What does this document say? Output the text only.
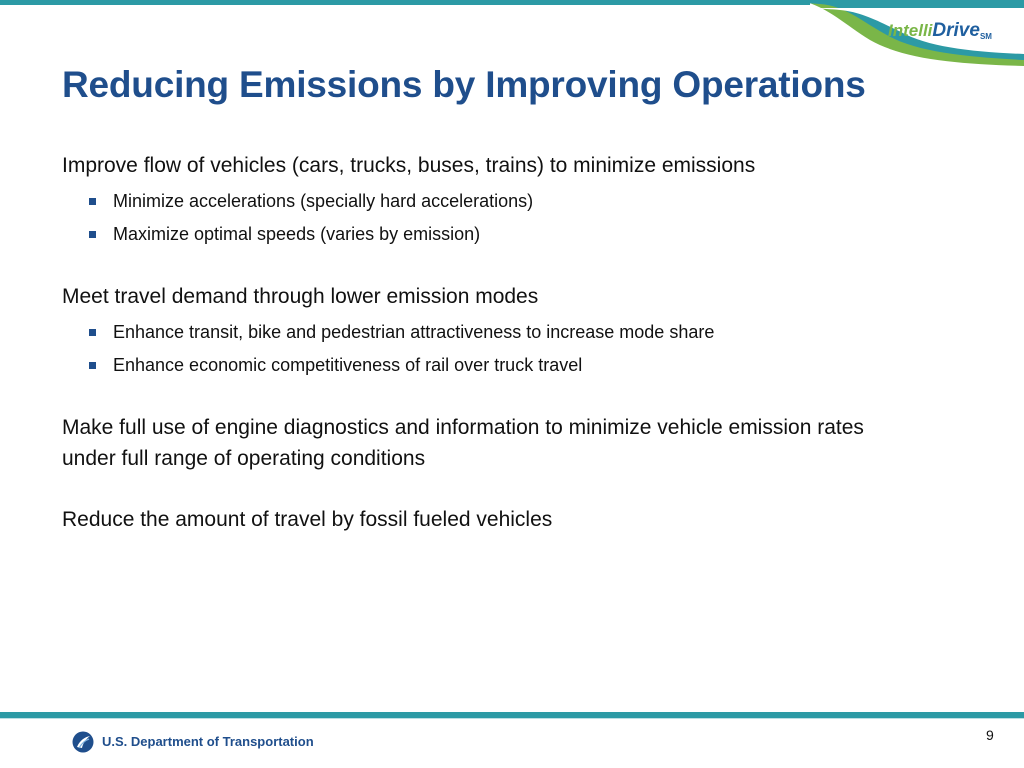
IntelliDriveSM
Reducing Emissions by Improving Operations

Improve flow of vehicles (cars, trucks, buses, trains) to minimize emissions

Minimize accelerations (specially hard accelerations)
Maximize optimal speeds (varies by emission)

Meet travel demand through lower emission modes

Enhance transit, bike and pedestrian attractiveness to increase mode share
Enhance economic competitiveness of rail over truck travel

Make full use of engine diagnostics and information to minimize vehicle emission rates under full range of operating conditions

Reduce the amount of travel by fossil fueled vehicles

U.S. Department of Transportation	9
